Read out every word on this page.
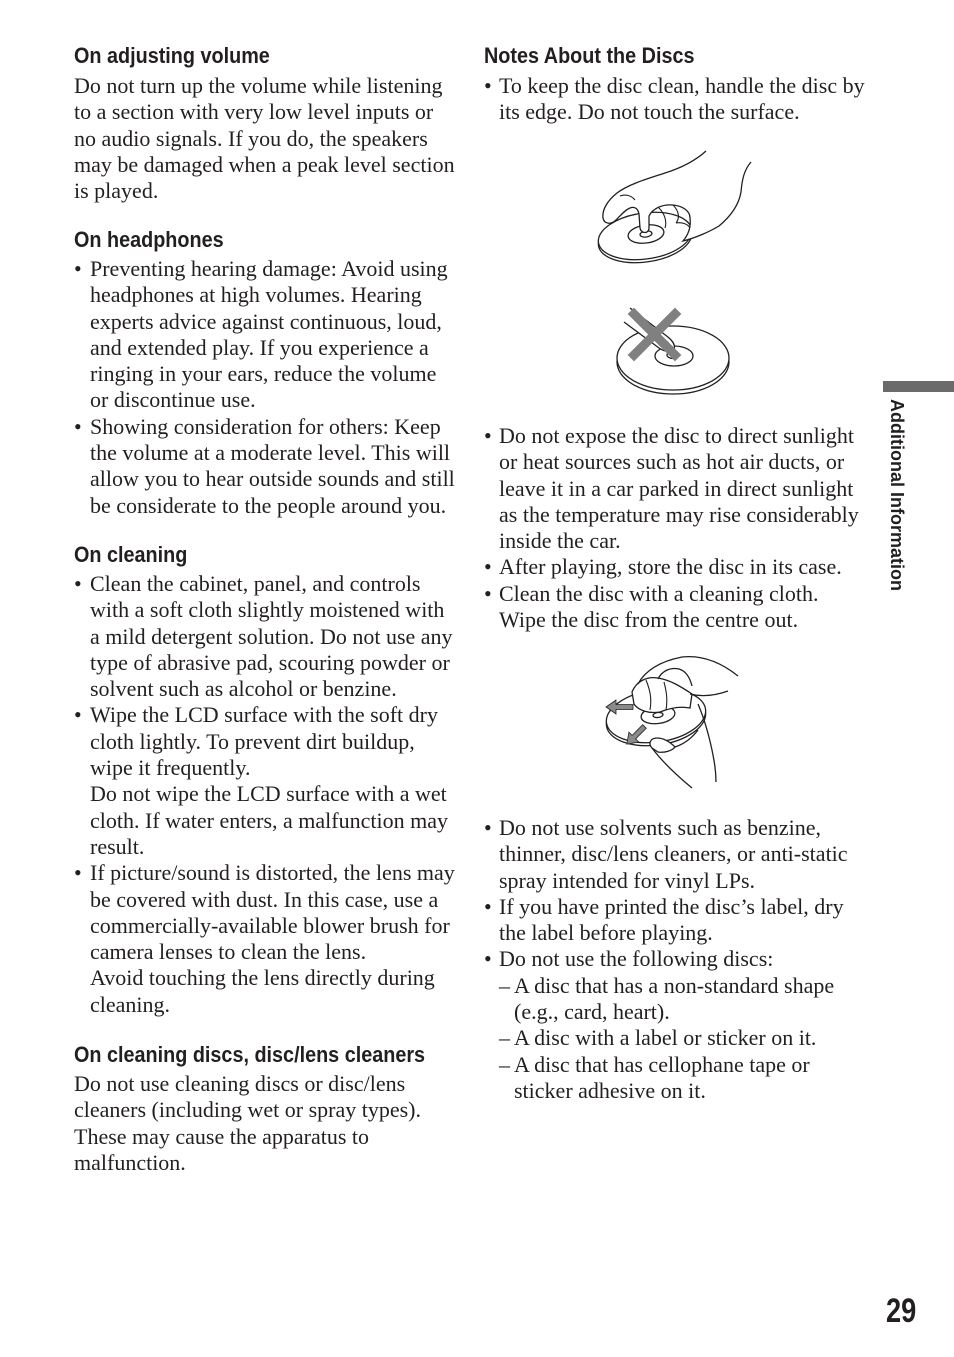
On adjusting volume
Do not turn up the volume while listening
to a section with very low level inputs or
no audio signals. If you do, the speakers
may be damaged when a peak level section
is played.
On headphones
• Preventing hearing damage: Avoid using
headphones at high volumes. Hearing
experts advice against continuous, loud,
and extended play. If you experience a
ringing in your ears, reduce the volume
or discontinue use.
• Showing consideration for others: Keep
the volume at a moderate level. This will
allow you to hear outside sounds and still
be considerate to the people around you.
On cleaning
• Clean the cabinet, panel, and controls
with a soft cloth slightly moistened with
a mild detergent solution. Do not use any
type of abrasive pad, scouring powder or
solvent such as alcohol or benzine.
• Wipe the LCD surface with the soft dry
cloth lightly. To prevent dirt buildup,
wipe it frequently.
Do not wipe the LCD surface with a wet
cloth. If water enters, a malfunction may
result.
• If picture/sound is distorted, the lens may
be covered with dust. In this case, use a
commercially-available blower brush for
camera lenses to clean the lens.
Avoid touching the lens directly during
cleaning.
On cleaning discs, disc/lens cleaners
Do not use cleaning discs or disc/lens
cleaners (including wet or spray types).
These may cause the apparatus to
malfunction.
Notes About the Discs
• To keep the disc clean, handle the disc by
its edge. Do not touch the surface.
• Do not expose the disc to direct sunlight
or heat sources such as hot air ducts, or
leave it in a car parked in direct sunlight
as the temperature may rise considerably
inside the car.
• After playing, store the disc in its case.
• Clean the disc with a cleaning cloth.
Wipe the disc from the centre out.
• Do not use solvents such as benzine,
thinner, disc/lens cleaners, or anti-static
spray intended for vinyl LPs.
• If you have printed the disc’s label, dry
the label before playing.
• Do not use the following discs:
– A disc that has a non-standard shape
(e.g., card, heart).
– A disc with a label or sticker on it.
– A disc that has cellophane tape or
sticker adhesive on it.
Additional Information
29
